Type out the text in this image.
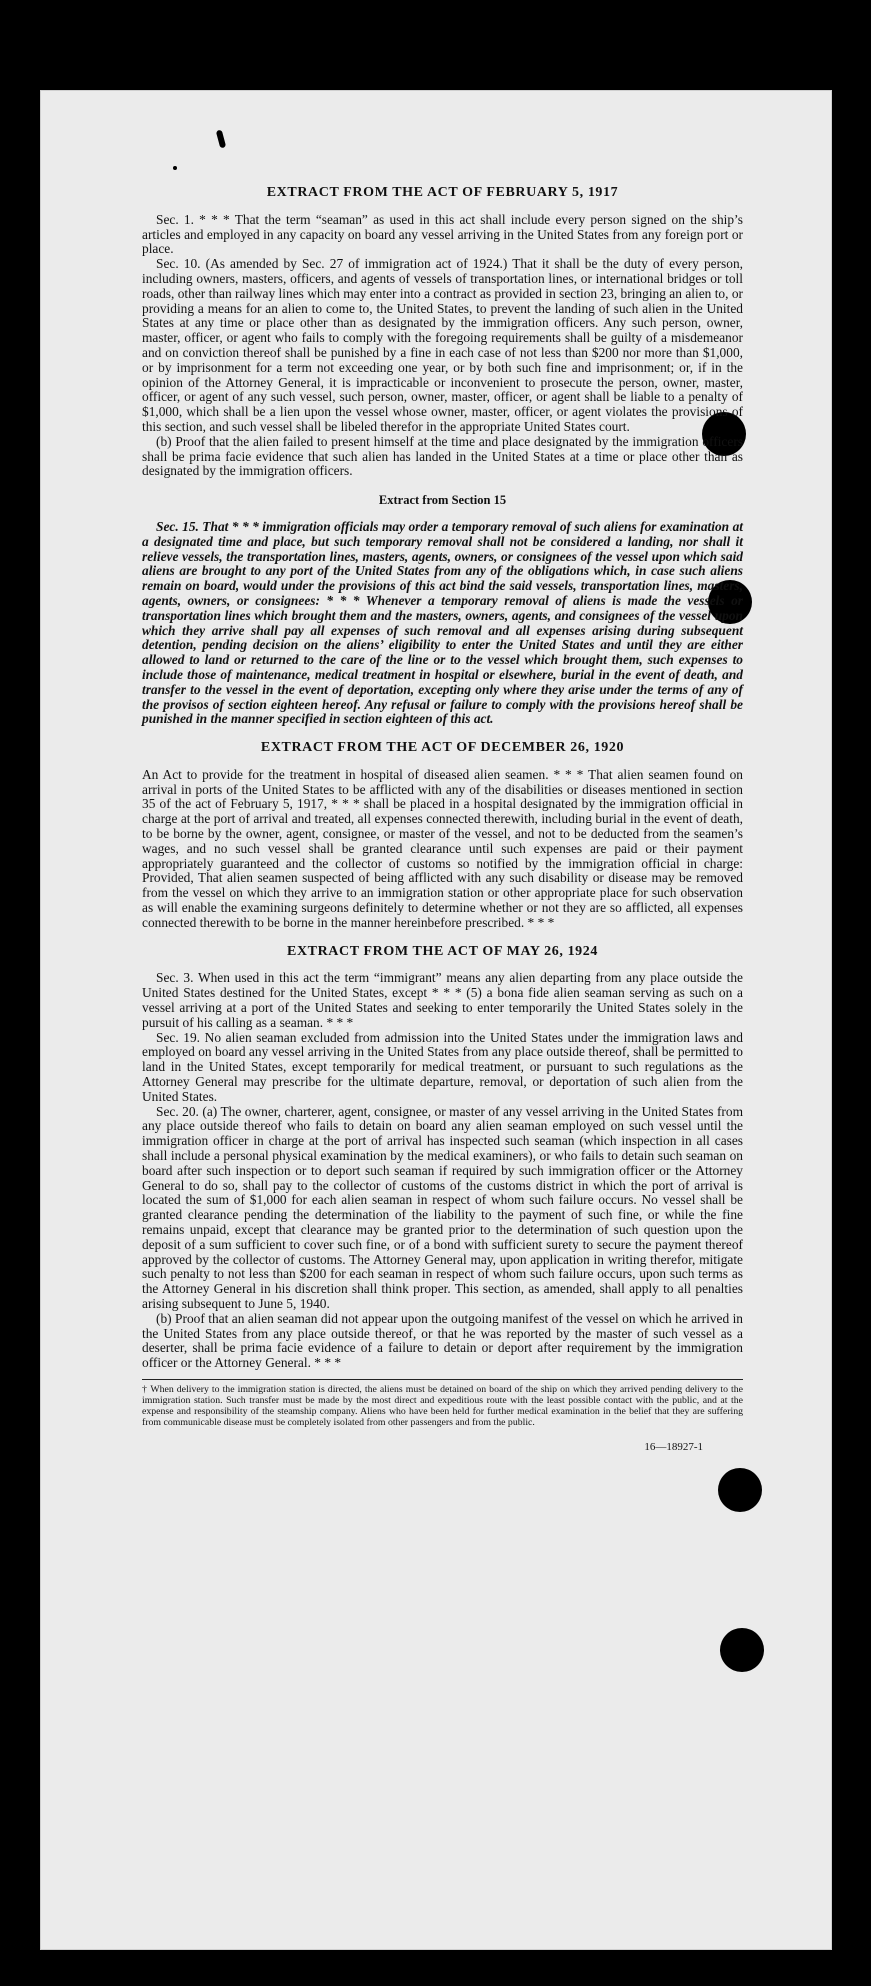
EXTRACT FROM THE ACT OF FEBRUARY 5, 1917

Sec. 1. * * * That the term “seaman” as used in this act shall include every person signed on the ship’s articles and employed in any capacity on board any vessel arriving in the United States from any foreign port or place.

Sec. 10. (As amended by Sec. 27 of immigration act of 1924.) That it shall be the duty of every person, including owners, masters, officers, and agents of vessels of transportation lines, or international bridges or toll roads, other than railway lines which may enter into a contract as provided in section 23, bringing an alien to, or providing a means for an alien to come to, the United States, to prevent the landing of such alien in the United States at any time or place other than as designated by the immigration officers. Any such person, owner, master, officer, or agent who fails to comply with the foregoing requirements shall be guilty of a misdemeanor and on conviction thereof shall be punished by a fine in each case of not less than $200 nor more than $1,000, or by imprisonment for a term not exceeding one year, or by both such fine and imprisonment; or, if in the opinion of the Attorney General, it is impracticable or inconvenient to prosecute the person, owner, master, officer, or agent of any such vessel, such person, owner, master, officer, or agent shall be liable to a penalty of $1,000, which shall be a lien upon the vessel whose owner, master, officer, or agent violates the provisions of this section, and such vessel shall be libeled therefor in the appropriate United States court.

(b) Proof that the alien failed to present himself at the time and place designated by the immigration officers shall be prima facie evidence that such alien has landed in the United States at a time or place other than as designated by the immigration officers.

Extract from Section 15

Sec. 15. That * * * immigration officials may order a temporary removal of such aliens for examination at a designated time and place, but such temporary removal shall not be considered a landing, nor shall it relieve vessels, the transportation lines, masters, agents, owners, or consignees of the vessel upon which said aliens are brought to any port of the United States from any of the obligations which, in case such aliens remain on board, would under the provisions of this act bind the said vessels, transportation lines, masters, agents, owners, or consignees: * * * Whenever a temporary removal of aliens is made the vessels or transportation lines which brought them and the masters, owners, agents, and consignees of the vessel upon which they arrive shall pay all expenses of such removal and all expenses arising during subsequent detention, pending decision on the aliens’ eligibility to enter the United States and until they are either allowed to land or returned to the care of the line or to the vessel which brought them, such expenses to include those of maintenance, medical treatment in hospital or elsewhere, burial in the event of death, and transfer to the vessel in the event of deportation, excepting only where they arise under the terms of any of the provisos of section eighteen hereof. Any refusal or failure to comply with the provisions hereof shall be punished in the manner specified in section eighteen of this act.

EXTRACT FROM THE ACT OF DECEMBER 26, 1920

An Act to provide for the treatment in hospital of diseased alien seamen. * * * That alien seamen found on arrival in ports of the United States to be afflicted with any of the disabilities or diseases mentioned in section 35 of the act of February 5, 1917, * * * shall be placed in a hospital designated by the immigration official in charge at the port of arrival and treated, all expenses connected therewith, including burial in the event of death, to be borne by the owner, agent, consignee, or master of the vessel, and not to be deducted from the seamen’s wages, and no such vessel shall be granted clearance until such expenses are paid or their payment appropriately guaranteed and the collector of customs so notified by the immigration official in charge: Provided, That alien seamen suspected of being afflicted with any such disability or disease may be removed from the vessel on which they arrive to an immigration station or other appropriate place for such observation as will enable the examining surgeons definitely to determine whether or not they are so afflicted, all expenses connected therewith to be borne in the manner hereinbefore prescribed. * * *

EXTRACT FROM THE ACT OF MAY 26, 1924

Sec. 3. When used in this act the term “immigrant” means any alien departing from any place outside the United States destined for the United States, except * * * (5) a bona fide alien seaman serving as such on a vessel arriving at a port of the United States and seeking to enter temporarily the United States solely in the pursuit of his calling as a seaman. * * *

Sec. 19. No alien seaman excluded from admission into the United States under the immigration laws and employed on board any vessel arriving in the United States from any place outside thereof, shall be permitted to land in the United States, except temporarily for medical treatment, or pursuant to such regulations as the Attorney General may prescribe for the ultimate departure, removal, or deportation of such alien from the United States.

Sec. 20. (a) The owner, charterer, agent, consignee, or master of any vessel arriving in the United States from any place outside thereof who fails to detain on board any alien seaman employed on such vessel until the immigration officer in charge at the port of arrival has inspected such seaman (which inspection in all cases shall include a personal physical examination by the medical examiners), or who fails to detain such seaman on board after such inspection or to deport such seaman if required by such immigration officer or the Attorney General to do so, shall pay to the collector of customs of the customs district in which the port of arrival is located the sum of $1,000 for each alien seaman in respect of whom such failure occurs. No vessel shall be granted clearance pending the determination of the liability to the payment of such fine, or while the fine remains unpaid, except that clearance may be granted prior to the determination of such question upon the deposit of a sum sufficient to cover such fine, or of a bond with sufficient surety to secure the payment thereof approved by the collector of customs. The Attorney General may, upon application in writing therefor, mitigate such penalty to not less than $200 for each seaman in respect of whom such failure occurs, upon such terms as the Attorney General in his discretion shall think proper. This section, as amended, shall apply to all penalties arising subsequent to June 5, 1940.

(b) Proof that an alien seaman did not appear upon the outgoing manifest of the vessel on which he arrived in the United States from any place outside thereof, or that he was reported by the master of such vessel as a deserter, shall be prima facie evidence of a failure to detain or deport after requirement by the immigration officer or the Attorney General. * * *

† When delivery to the immigration station is directed, the aliens must be detained on board of the ship on which they arrived pending delivery to the immigration station. Such transfer must be made by the most direct and expeditious route with the least possible contact with the public, and at the expense and responsibility of the steamship company. Aliens who have been held for further medical examination in the belief that they are suffering from communicable disease must be completely isolated from other passengers and from the public.
16—18927-1
